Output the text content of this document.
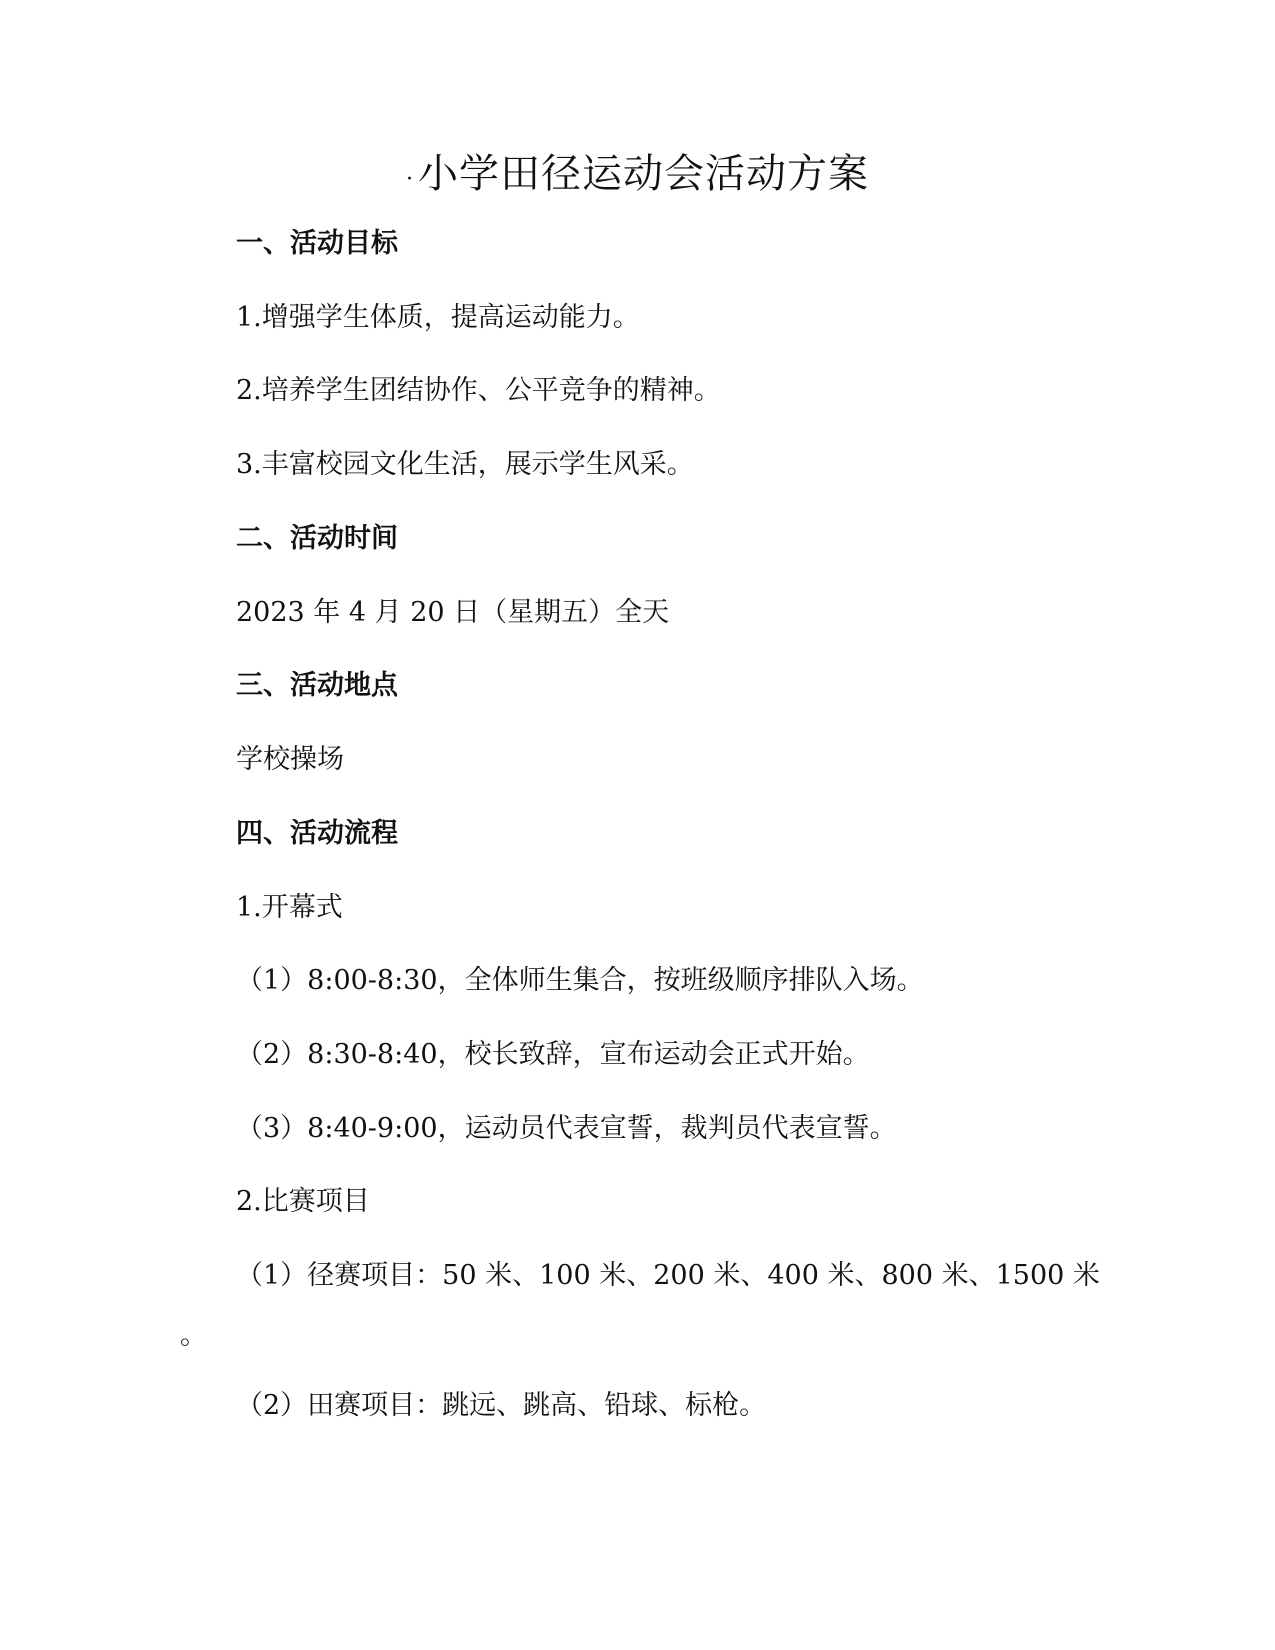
· 小学田径运动会活动方案
一、活动目标
1.增强学生体质，提高运动能力。
2.培养学生团结协作、公平竞争的精神。
3.丰富校园文化生活，展示学生风采。
二、活动时间
2023 年 4 月 20 日（星期五）全天
三、活动地点
学校操场
四、活动流程
1.开幕式
（1）8:00-8:30，全体师生集合，按班级顺序排队入场。
（2）8:30-8:40，校长致辞，宣布运动会正式开始。
（3）8:40-9:00，运动员代表宣誓，裁判员代表宣誓。
2.比赛项目
（1）径赛项目：50 米、100 米、200 米、400 米、800 米、1500 米
。
（2）田赛项目：跳远、跳高、铅球、标枪。
